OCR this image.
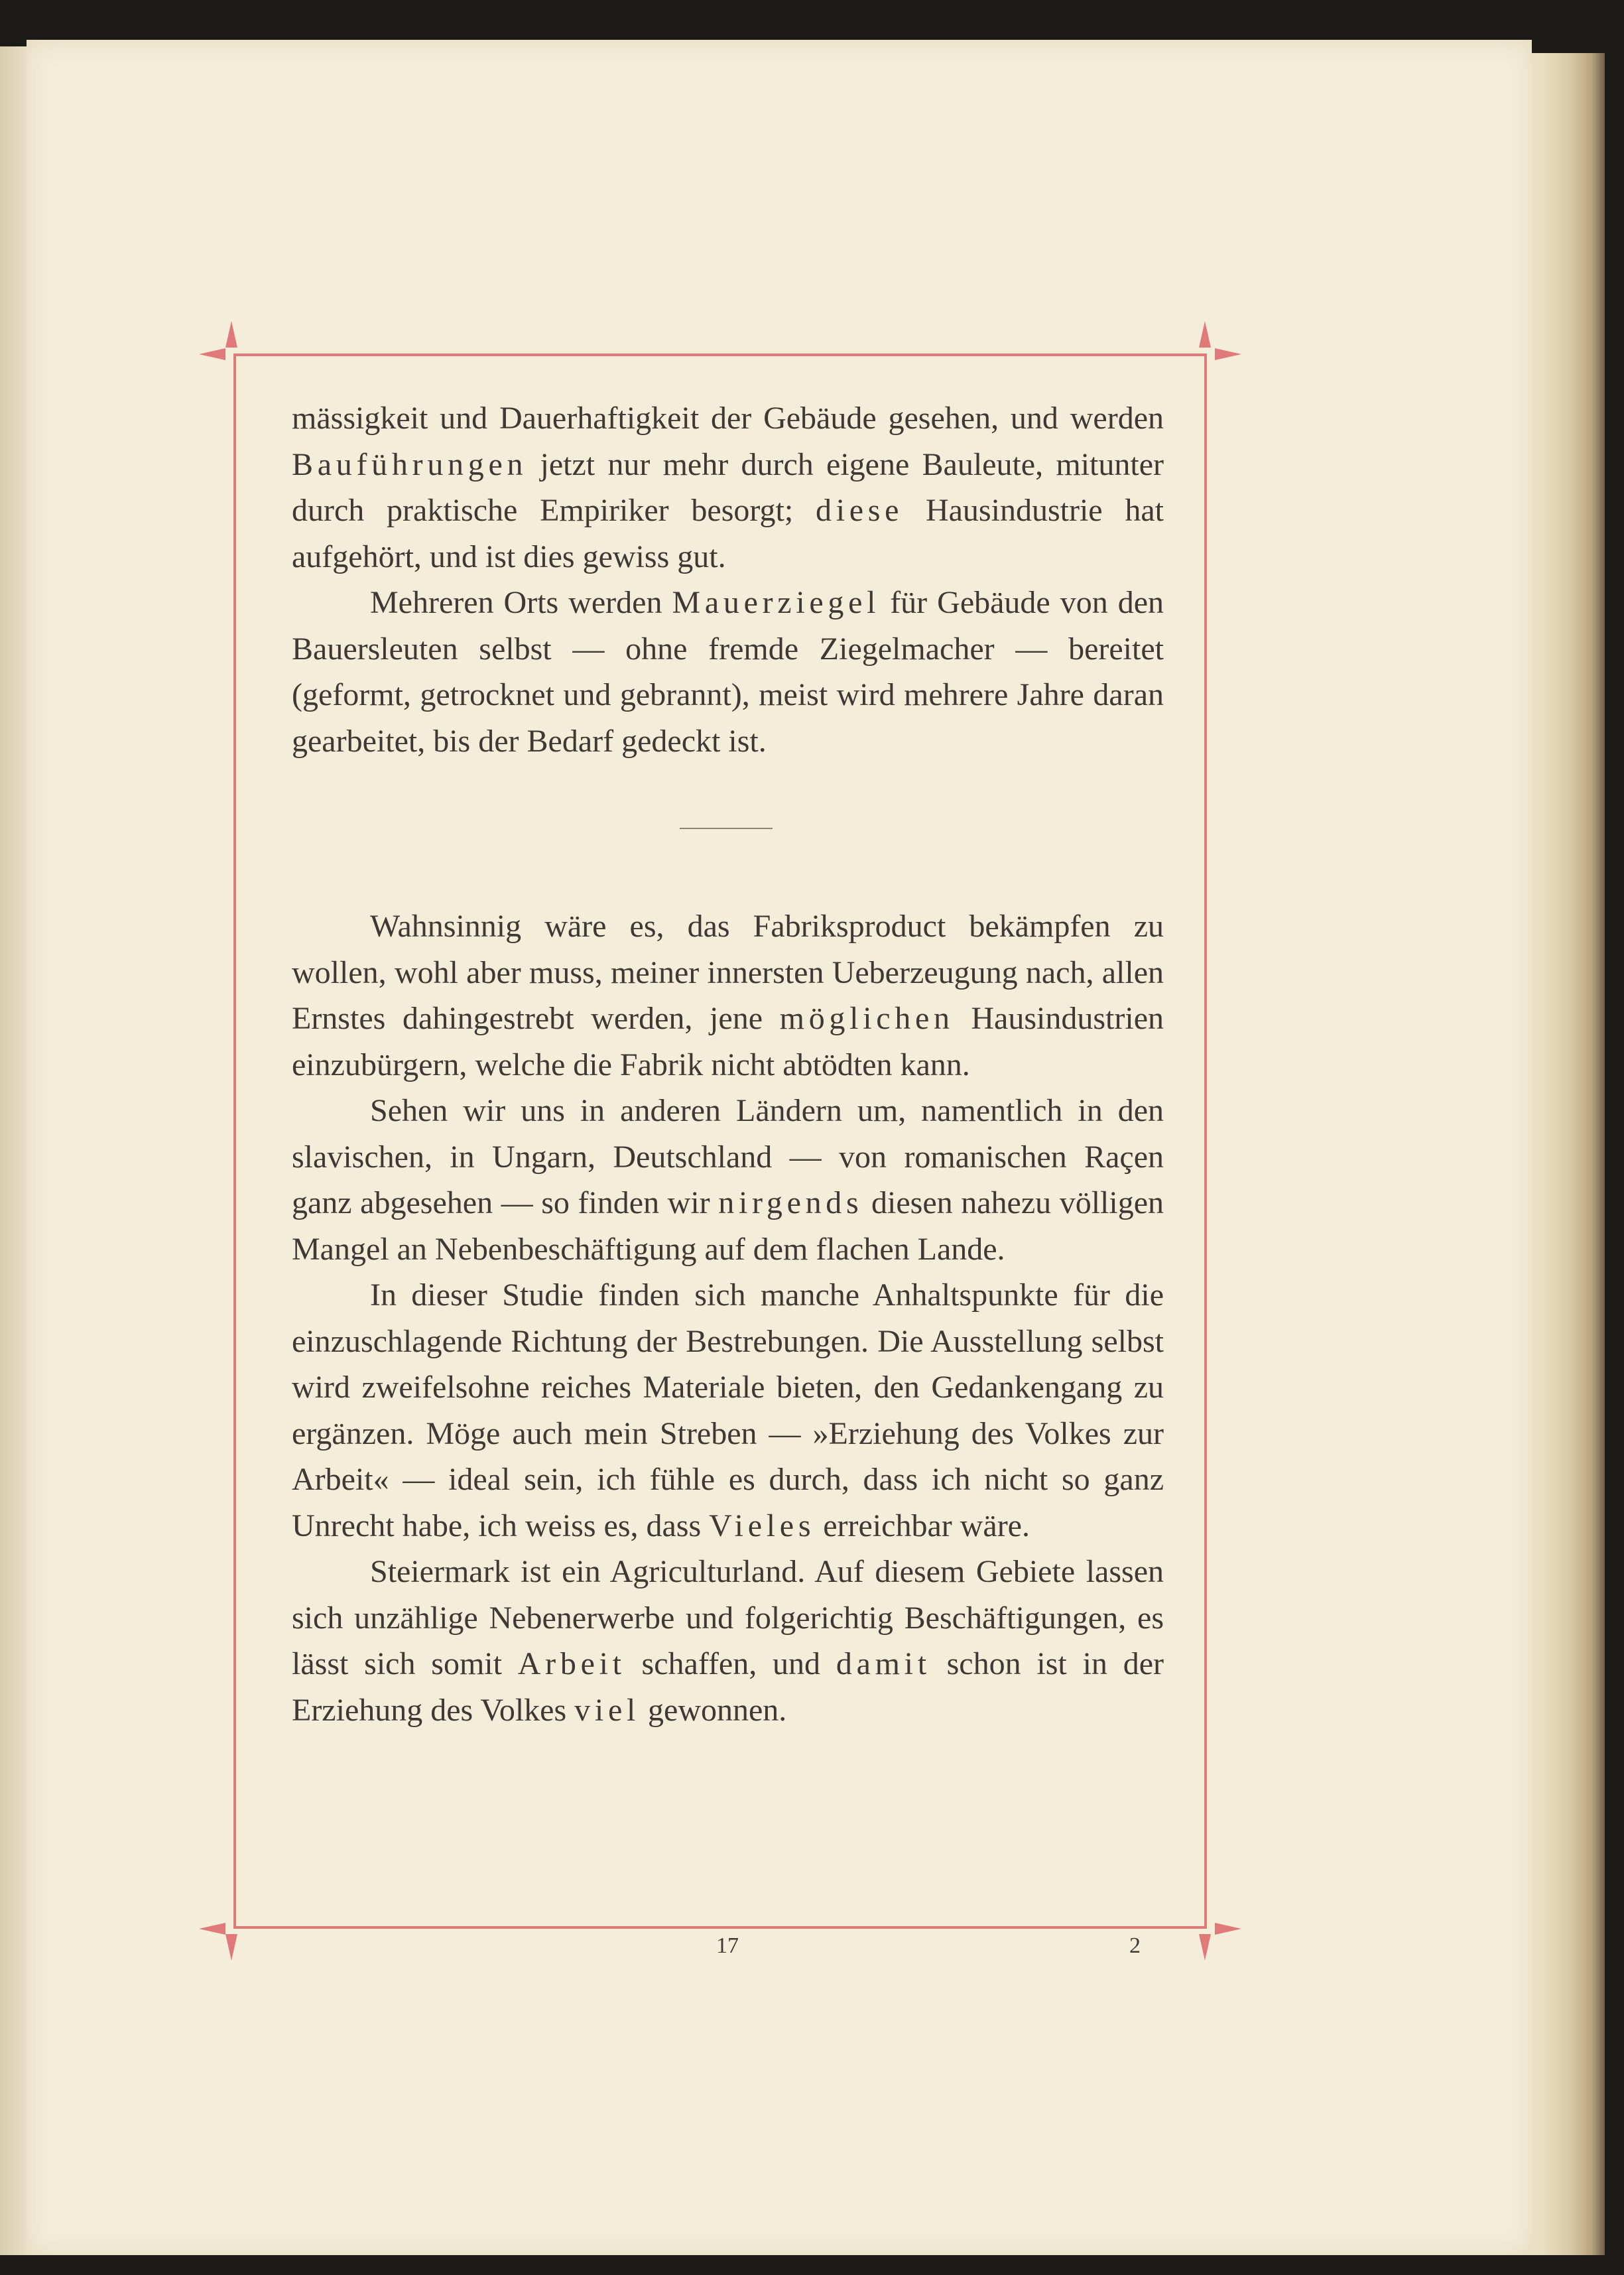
mässigkeit und Dauerhaftigkeit der Gebäude gesehen, und werden Bauführungen jetzt nur mehr durch eigene Bauleute, mitunter durch praktische Empiriker besorgt; diese Hausindustrie hat aufgehört, und ist dies gewiss gut.

Mehreren Orts werden Mauerziegel für Gebäude von den Bauersleuten selbst — ohne fremde Ziegelmacher — bereitet (geformt, getrocknet und gebrannt), meist wird mehrere Jahre daran gearbeitet, bis der Bedarf gedeckt ist.

Wahnsinnig wäre es, das Fabriksproduct bekämpfen zu wollen, wohl aber muss, meiner innersten Ueberzeugung nach, allen Ernstes dahingestrebt werden, jene möglichen Hausindustrien einzubürgern, welche die Fabrik nicht abtödten kann.

Sehen wir uns in anderen Ländern um, namentlich in den slavischen, in Ungarn, Deutschland — von romanischen Raçen ganz abgesehen — so finden wir nirgends diesen nahezu völligen Mangel an Nebenbeschäftigung auf dem flachen Lande.

In dieser Studie finden sich manche Anhaltspunkte für die einzuschlagende Richtung der Bestrebungen. Die Ausstellung selbst wird zweifelsohne reiches Materiale bieten, den Gedankengang zu ergänzen. Möge auch mein Streben — »Erziehung des Volkes zur Arbeit« — ideal sein, ich fühle es durch, dass ich nicht so ganz Unrecht habe, ich weiss es, dass Vieles erreichbar wäre.

Steiermark ist ein Agriculturland. Auf diesem Gebiete lassen sich unzählige Nebenerwerbe und folgerichtig Beschäftigungen, es lässt sich somit Arbeit schaffen, und damit schon ist in der Erziehung des Volkes viel gewonnen.

17	2
